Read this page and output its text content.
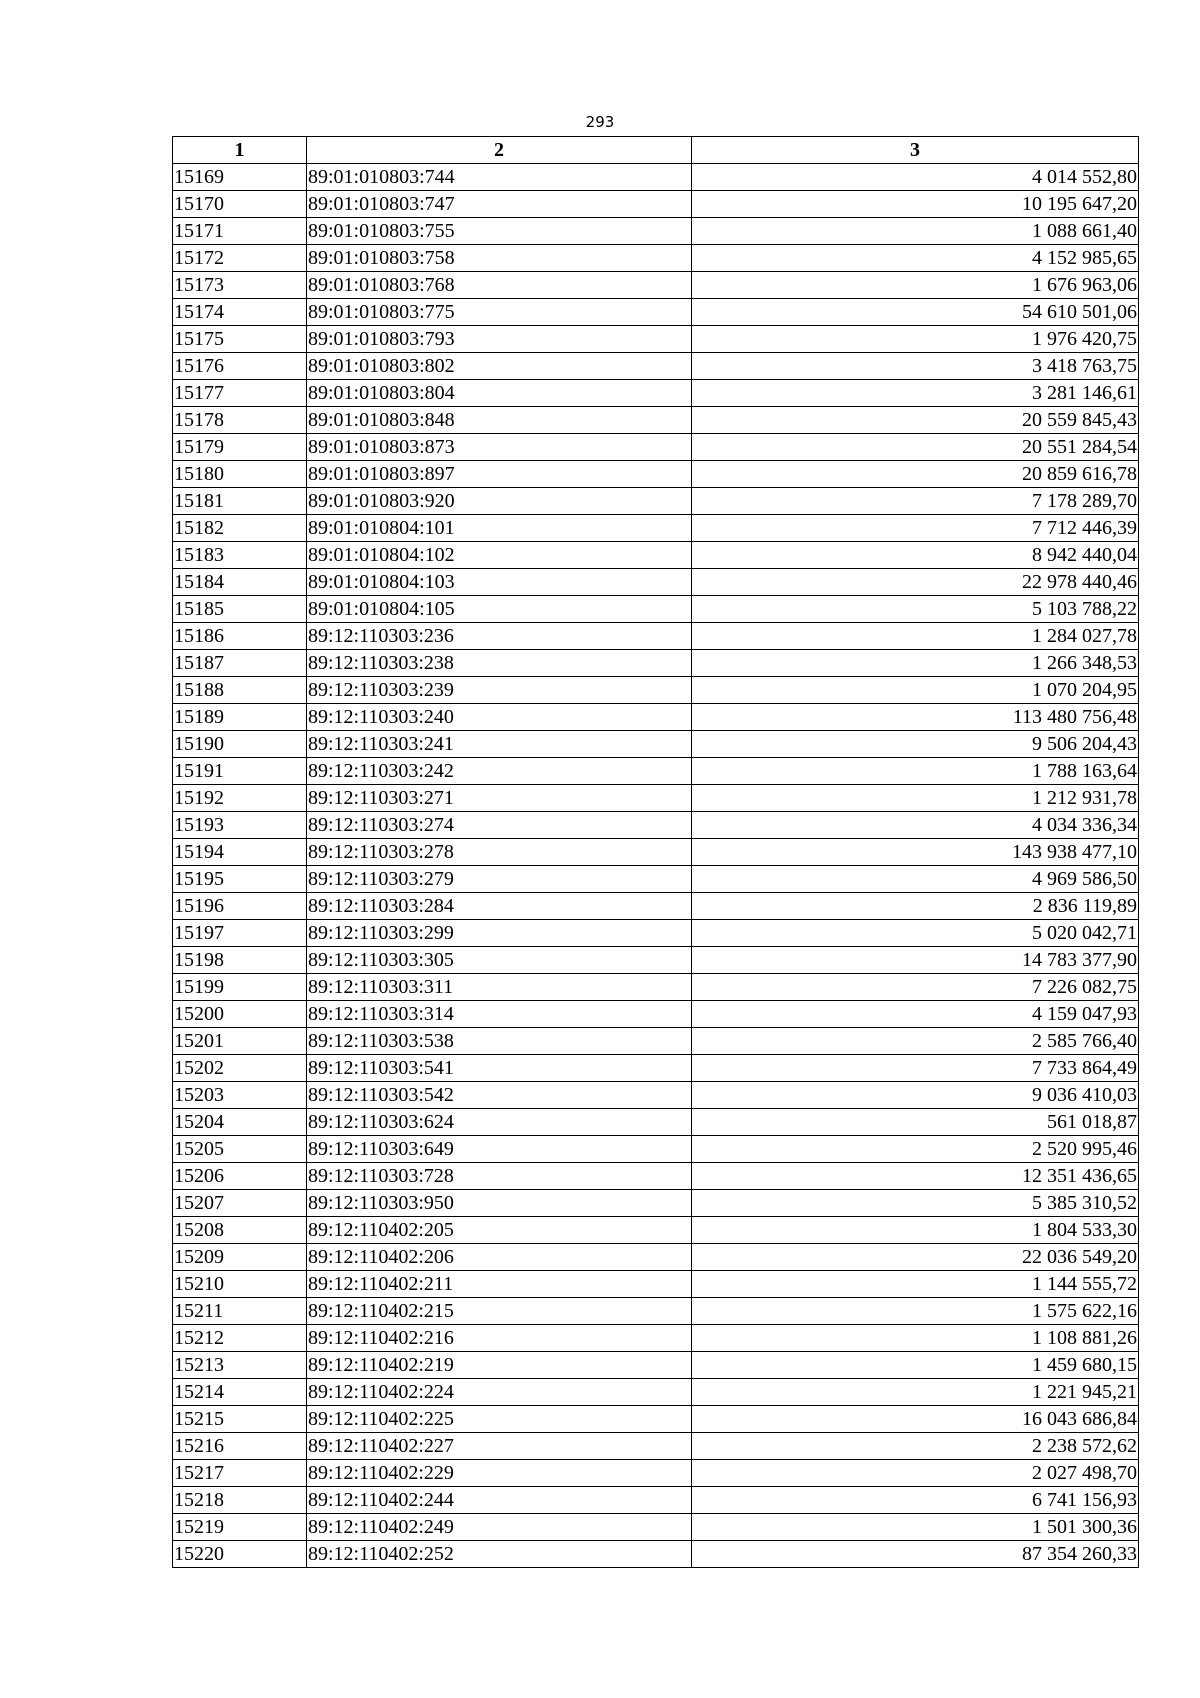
293
1	2	3
15169	89:01:010803:744	4 014 552,80
15170	89:01:010803:747	10 195 647,20
15171	89:01:010803:755	1 088 661,40
15172	89:01:010803:758	4 152 985,65
15173	89:01:010803:768	1 676 963,06
15174	89:01:010803:775	54 610 501,06
15175	89:01:010803:793	1 976 420,75
15176	89:01:010803:802	3 418 763,75
15177	89:01:010803:804	3 281 146,61
15178	89:01:010803:848	20 559 845,43
15179	89:01:010803:873	20 551 284,54
15180	89:01:010803:897	20 859 616,78
15181	89:01:010803:920	7 178 289,70
15182	89:01:010804:101	7 712 446,39
15183	89:01:010804:102	8 942 440,04
15184	89:01:010804:103	22 978 440,46
15185	89:01:010804:105	5 103 788,22
15186	89:12:110303:236	1 284 027,78
15187	89:12:110303:238	1 266 348,53
15188	89:12:110303:239	1 070 204,95
15189	89:12:110303:240	113 480 756,48
15190	89:12:110303:241	9 506 204,43
15191	89:12:110303:242	1 788 163,64
15192	89:12:110303:271	1 212 931,78
15193	89:12:110303:274	4 034 336,34
15194	89:12:110303:278	143 938 477,10
15195	89:12:110303:279	4 969 586,50
15196	89:12:110303:284	2 836 119,89
15197	89:12:110303:299	5 020 042,71
15198	89:12:110303:305	14 783 377,90
15199	89:12:110303:311	7 226 082,75
15200	89:12:110303:314	4 159 047,93
15201	89:12:110303:538	2 585 766,40
15202	89:12:110303:541	7 733 864,49
15203	89:12:110303:542	9 036 410,03
15204	89:12:110303:624	561 018,87
15205	89:12:110303:649	2 520 995,46
15206	89:12:110303:728	12 351 436,65
15207	89:12:110303:950	5 385 310,52
15208	89:12:110402:205	1 804 533,30
15209	89:12:110402:206	22 036 549,20
15210	89:12:110402:211	1 144 555,72
15211	89:12:110402:215	1 575 622,16
15212	89:12:110402:216	1 108 881,26
15213	89:12:110402:219	1 459 680,15
15214	89:12:110402:224	1 221 945,21
15215	89:12:110402:225	16 043 686,84
15216	89:12:110402:227	2 238 572,62
15217	89:12:110402:229	2 027 498,70
15218	89:12:110402:244	6 741 156,93
15219	89:12:110402:249	1 501 300,36
15220	89:12:110402:252	87 354 260,33
